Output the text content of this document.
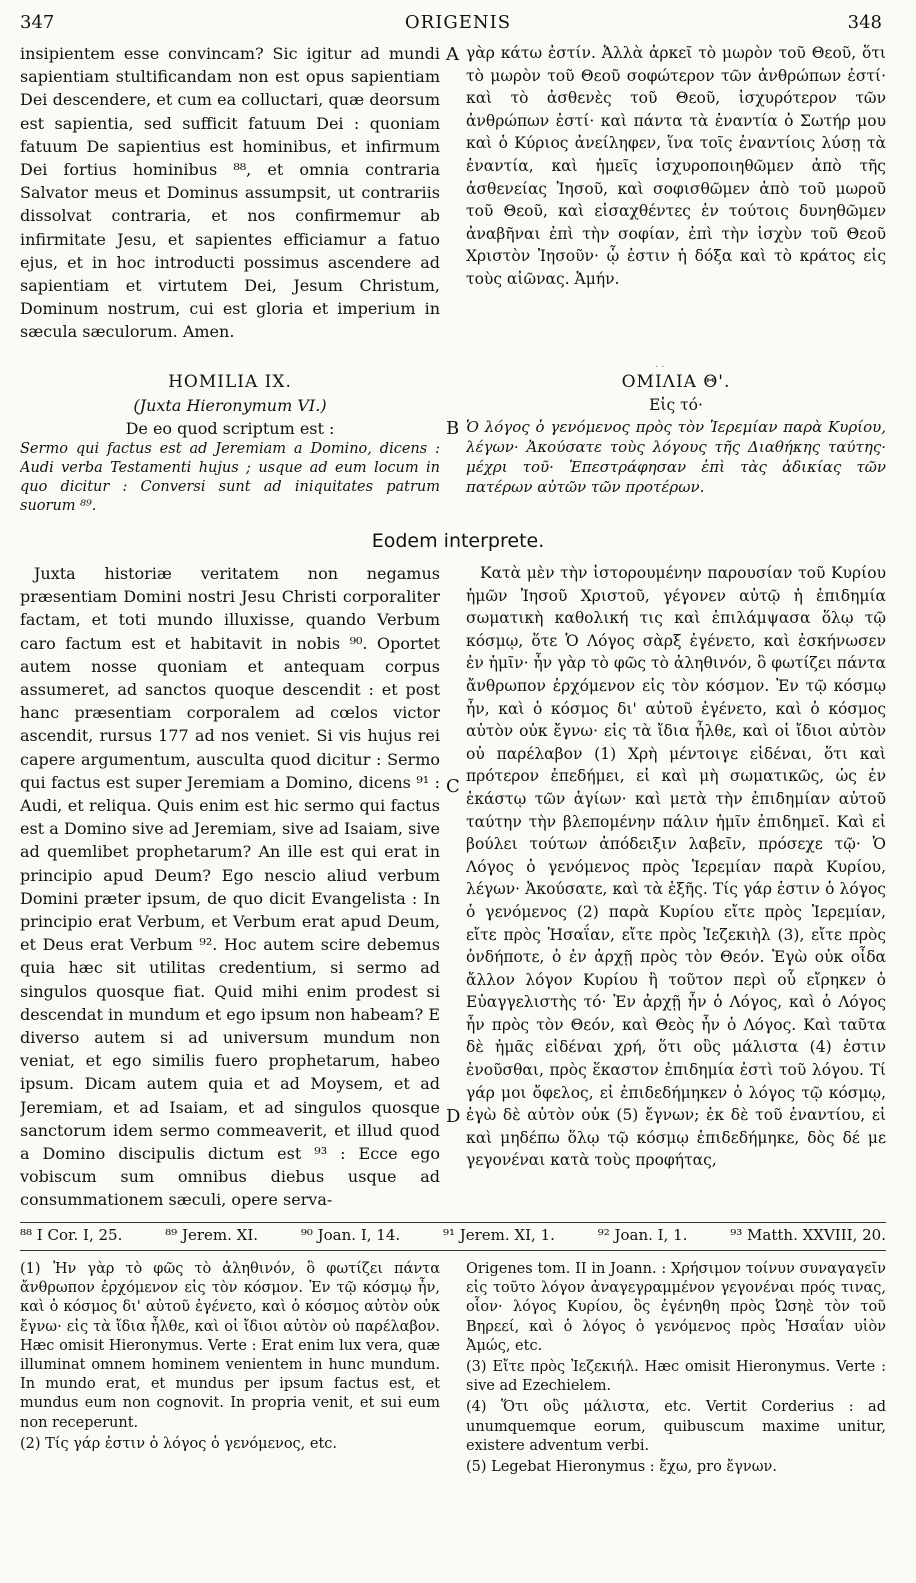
347	ORIGENIS	348
A
B
C
D

insipientem esse convincam? Sic igitur ad mundi sapientiam stultificandam non est opus sapientiam Dei descendere, et cum ea colluctari, quæ deorsum est sapientia, sed sufficit fatuum Dei : quoniam fatuum De sapientius est hominibus, et infirmum Dei fortius hominibus ⁸⁸, et omnia contraria Salvator meus et Dominus assumpsit, ut contrariis dissolvat contraria, et nos confirmemur ab infirmitate Jesu, et sapientes efficiamur a fatuo ejus, et in hoc introducti possimus ascendere ad sapientiam et virtutem Dei, Jesum Christum, Dominum nostrum, cui est gloria et imperium in sæcula sæculorum. Amen.

γὰρ κάτω ἐστίν. Ἀλλὰ ἀρκεῖ τὸ μωρὸν τοῦ Θεοῦ, ὅτι τὸ μωρὸν τοῦ Θεοῦ σοφώτερον τῶν ἀνθρώπων ἐστί· καὶ τὸ ἀσθενὲς τοῦ Θεοῦ, ἰσχυρότερον τῶν ἀνθρώπων ἐστί· καὶ πάντα τὰ ἐναντία ὁ Σωτήρ μου καὶ ὁ Κύριος ἀνείληφεν, ἵνα τοῖς ἐναντίοις λύσῃ τὰ ἐναντία, καὶ ἡμεῖς ἰσχυροποιηθῶμεν ἀπὸ τῆς ἀσθενείας Ἰησοῦ, καὶ σοφισθῶμεν ἀπὸ τοῦ μωροῦ τοῦ Θεοῦ, καὶ εἰσαχθέντες ἐν τούτοις δυνηθῶμεν ἀναβῆναι ἐπὶ τὴν σοφίαν, ἐπὶ τὴν ἰσχὺν τοῦ Θεοῦ Χριστὸν Ἰησοῦν· ᾧ ἐστιν ἡ δόξα καὶ τὸ κράτος εἰς τοὺς αἰῶνας. Ἀμήν.

· ·

HOMILIA IX.

(Juxta Hieronymum VI.)

De eo quod scriptum est :

Sermo qui factus est ad Jeremiam a Domino, dicens : Audi verba Testamenti hujus ; usque ad eum locum in quo dicitur : Conversi sunt ad iniquitates patrum suorum ⁸⁹.

ΟΜΙΛΙΑ Θ'.

Εἰς τό·

Ὁ λόγος ὁ γενόμενος πρὸς τὸν Ἱερεμίαν παρὰ Κυρίου, λέγων· Ἀκούσατε τοὺς λόγους τῆς Διαθήκης ταύτης· μέχρι τοῦ· Ἐπεστράφησαν ἐπὶ τὰς ἀδικίας τῶν πατέρων αὐτῶν τῶν προτέρων.

Eodem interprete.

Juxta historiæ veritatem non negamus præsentiam Domini nostri Jesu Christi corporaliter factam, et toti mundo illuxisse, quando Verbum caro factum est et habitavit in nobis ⁹⁰. Oportet autem nosse quoniam et antequam corpus assumeret, ad sanctos quoque descendit : et post hanc præsentiam corporalem ad cœlos victor ascendit, rursus 177 ad nos veniet. Si vis hujus rei capere argumentum, ausculta quod dicitur : Sermo qui factus est super Jeremiam a Domino, dicens ⁹¹ : Audi, et reliqua. Quis enim est hic sermo qui factus est a Domino sive ad Jeremiam, sive ad Isaiam, sive ad quemlibet prophetarum? An ille est qui erat in principio apud Deum? Ego nescio aliud verbum Domini præter ipsum, de quo dicit Evangelista : In principio erat Verbum, et Verbum erat apud Deum, et Deus erat Verbum ⁹². Hoc autem scire debemus quia hæc sit utilitas credentium, si sermo ad singulos quosque fiat. Quid mihi enim prodest si descendat in mundum et ego ipsum non habeam? E diverso autem si ad universum mundum non veniat, et ego similis fuero prophetarum, habeo ipsum. Dicam autem quia et ad Moysem, et ad Jeremiam, et ad Isaiam, et ad singulos quosque sanctorum idem sermo commeaverit, et illud quod a Domino discipulis dictum est ⁹³ : Ecce ego vobiscum sum omnibus diebus usque ad consummationem sæculi, opere serva-

Κατὰ μὲν τὴν ἱστορουμένην παρουσίαν τοῦ Κυρίου ἡμῶν Ἰησοῦ Χριστοῦ, γέγονεν αὐτῷ ἡ ἐπιδημία σωματικὴ καθολική τις καὶ ἐπιλάμψασα ὅλῳ τῷ κόσμῳ, ὅτε Ὁ Λόγος σὰρξ ἐγένετο, καὶ ἐσκήνωσεν ἐν ἡμῖν· ἦν γὰρ τὸ φῶς τὸ ἀληθινόν, ὃ φωτίζει πάντα ἄνθρωπον ἐρχόμενον εἰς τὸν κόσμον. Ἐν τῷ κόσμῳ ἦν, καὶ ὁ κόσμος δι' αὐτοῦ ἐγένετο, καὶ ὁ κόσμος αὐτὸν οὐκ ἔγνω· εἰς τὰ ἴδια ἦλθε, καὶ οἱ ἴδιοι αὐτὸν οὐ παρέλαβον (1) Χρὴ μέντοιγε εἰδέναι, ὅτι καὶ πρότερον ἐπεδήμει, εἰ καὶ μὴ σωματικῶς, ὡς ἐν ἑκάστῳ τῶν ἁγίων· καὶ μετὰ τὴν ἐπιδημίαν αὐτοῦ ταύτην τὴν βλεπομένην πάλιν ἡμῖν ἐπιδημεῖ. Καὶ εἰ βούλει τούτων ἀπόδειξιν λαβεῖν, πρόσεχε τῷ· Ὁ Λόγος ὁ γενόμενος πρὸς Ἱερεμίαν παρὰ Κυρίου, λέγων· Ἀκούσατε, καὶ τὰ ἑξῆς. Τίς γάρ ἐστιν ὁ λόγος ὁ γενόμενος (2) παρὰ Κυρίου εἴτε πρὸς Ἱερεμίαν, εἴτε πρὸς Ἡσαΐαν, εἴτε πρὸς Ἰεζεκιὴλ (3), εἴτε πρὸς ὁνδήποτε, ὁ ἐν ἀρχῇ πρὸς τὸν Θεόν. Ἐγὼ οὐκ οἶδα ἄλλον λόγον Κυρίου ἢ τοῦτον περὶ οὗ εἴρηκεν ὁ Εὐαγγελιστὴς τό· Ἐν ἀρχῇ ἦν ὁ Λόγος, καὶ ὁ Λόγος ἦν πρὸς τὸν Θεόν, καὶ Θεὸς ἦν ὁ Λόγος. Καὶ ταῦτα δὲ ἡμᾶς εἰδέναι χρή, ὅτι οὓς μάλιστα (4) ἐστιν ἑνοῦσθαι, πρὸς ἕκαστον ἐπιδημία ἐστὶ τοῦ λόγου. Τί γάρ μοι ὄφελος, εἰ ἐπιδεδήμηκεν ὁ λόγος τῷ κόσμῳ, ἐγὼ δὲ αὐτὸν οὐκ (5) ἔγνων; ἐκ δὲ τοῦ ἐναντίου, εἰ καὶ μηδέπω ὅλῳ τῷ κόσμῳ ἐπιδεδήμηκε, δὸς δέ με γεγονέναι κατὰ τοὺς προφήτας,

⁸⁸ I Cor. I, 25.	⁸⁹ Jerem. XI.	⁹⁰ Joan. I, 14.	⁹¹ Jerem. XI, 1.	⁹² Joan. I, 1.	⁹³ Matth. XXVIII, 20.

(1) Ἦν γὰρ τὸ φῶς τὸ ἀληθινόν, ὃ φωτίζει πάντα ἄνθρωπον ἐρχόμενον εἰς τὸν κόσμον. Ἐν τῷ κόσμῳ ἦν, καὶ ὁ κόσμος δι' αὐτοῦ ἐγένετο, καὶ ὁ κόσμος αὐτὸν οὐκ ἔγνω· εἰς τὰ ἴδια ἦλθε, καὶ οἱ ἴδιοι αὐτὸν οὐ παρέλαβον. Hæc omisit Hieronymus. Verte : Erat enim lux vera, quæ illuminat omnem hominem venientem in hunc mundum. In mundo erat, et mundus per ipsum factus est, et mundus eum non cognovit. In propria venit, et sui eum non receperunt.

(2) Τίς γάρ ἐστιν ὁ λόγος ὁ γενόμενος, etc.

Origenes tom. II in Joann. : Χρήσιμον τοίνυν συναγαγεῖν εἰς τοῦτο λόγον ἀναγεγραμμένον γεγονέναι πρός τινας, οἷον· λόγος Κυρίου, ὃς ἐγένηθη πρὸς Ὠσηὲ τὸν τοῦ Βηρεεί, καὶ ὁ λόγος ὁ γενόμενος πρὸς Ἡσαΐαν υἱὸν Ἀμώς, etc.

(3) Εἴτε πρὸς Ἰεζεκιήλ. Hæc omisit Hieronymus. Verte : sive ad Ezechielem.

(4) Ὅτι οὓς μάλιστα, etc. Vertit Corderius : ad unumquemque eorum, quibuscum maxime unitur, existere adventum verbi.

(5) Legebat Hieronymus : ἔχω, pro ἔγνων.
